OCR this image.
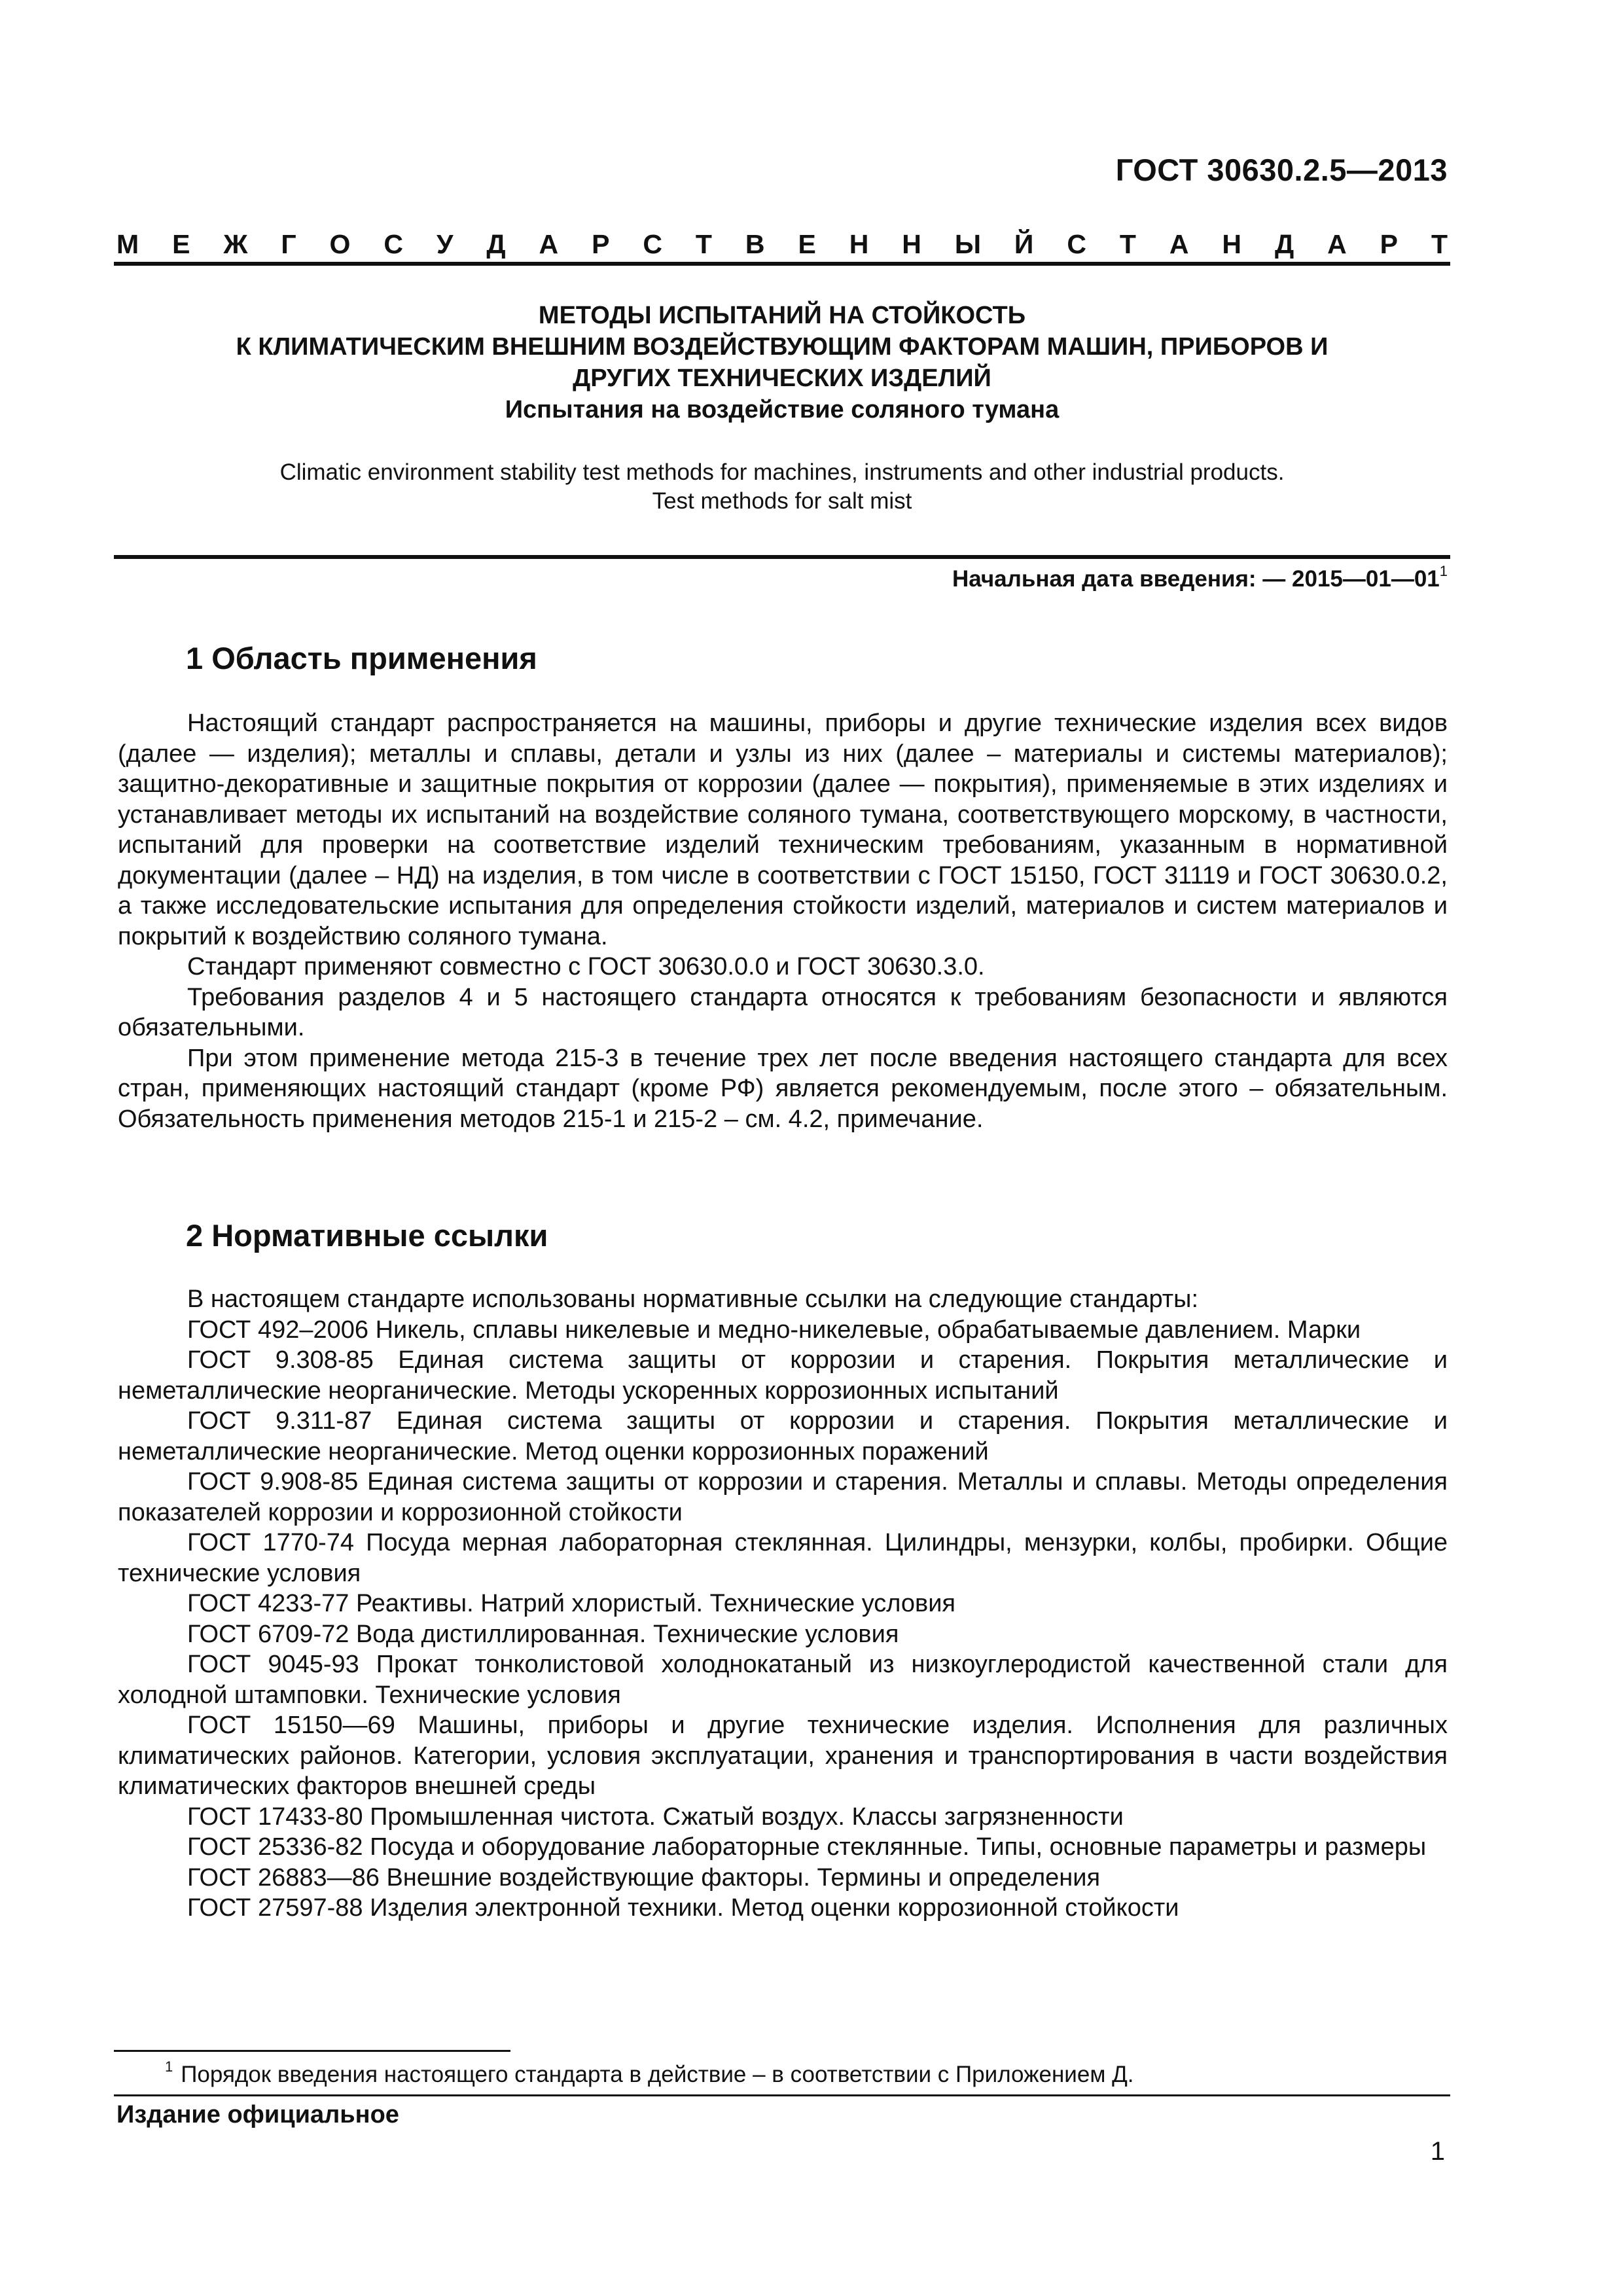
ГОСТ 30630.2.5—2013
М Е Ж Г О С У Д А Р С Т В Е Н Н Ы Й С Т А Н Д А Р Т
МЕТОДЫ ИСПЫТАНИЙ НА СТОЙКОСТЬ
К КЛИМАТИЧЕСКИМ ВНЕШНИМ ВОЗДЕЙСТВУЮЩИМ ФАКТОРАМ МАШИН, ПРИБОРОВ И
ДРУГИХ ТЕХНИЧЕСКИХ ИЗДЕЛИЙ
Испытания на воздействие соляного тумана
Climatic environment stability test methods for machines, instruments and other industrial products.
Test methods for salt mist
Начальная дата введения: — $2015—01—01^1$
1 Область применения

Настоящий стандарт распространяется на машины, приборы и другие технические изделия всех видов (далее — изделия); металлы и сплавы, детали и узлы из них (далее – материалы и системы материалов); защитно-декоративные и защитные покрытия от коррозии (далее — покрытия), применяемые в этих изделиях и устанавливает методы их испытаний на воздействие соляного тумана, соответствующего морскому, в частности, испытаний для проверки на соответствие изделий техническим требованиям, указанным в нормативной документации (далее – НД) на изделия, в том числе в соответствии с ГОСТ 15150, ГОСТ 31119 и ГОСТ 30630.0.2, а также исследовательские испытания для определения стойкости изделий, материалов и систем материалов и покрытий к воздействию соляного тумана.

Стандарт применяют совместно с ГОСТ 30630.0.0 и ГОСТ 30630.3.0.

Требования разделов 4 и 5 настоящего стандарта относятся к требованиям безопасности и являются обязательными.

При этом применение метода 215-3 в течение трех лет после введения настоящего стандарта для всех стран, применяющих настоящий стандарт (кроме РФ) является рекомендуемым, после этого – обязательным. Обязательность применения методов 215-1 и 215-2 – см. 4.2, примечание.

2 Нормативные ссылки

В настоящем стандарте использованы нормативные ссылки на следующие стандарты:

ГОСТ 492–2006 Никель, сплавы никелевые и медно-никелевые, обрабатываемые давлением. Марки

ГОСТ 9.308-85 Единая система защиты от коррозии и старения. Покрытия металлические и неметаллические неорганические. Методы ускоренных коррозионных испытаний

ГОСТ 9.311-87 Единая система защиты от коррозии и старения. Покрытия металлические и неметаллические неорганические. Метод оценки коррозионных поражений

ГОСТ 9.908-85 Единая система защиты от коррозии и старения. Металлы и сплавы. Методы определения показателей коррозии и коррозионной стойкости

ГОСТ 1770-74 Посуда мерная лабораторная стеклянная. Цилиндры, мензурки, колбы, пробирки. Общие технические условия

ГОСТ 4233-77 Реактивы. Натрий хлористый. Технические условия

ГОСТ 6709-72 Вода дистиллированная. Технические условия

ГОСТ 9045-93 Прокат тонколистовой холоднокатаный из низкоуглеродистой качественной стали для холодной штамповки. Технические условия

ГОСТ 15150—69 Машины, приборы и другие технические изделия. Исполнения для различных климатических районов. Категории, условия эксплуатации, хранения и транспортирования в части воздействия климатических факторов внешней среды

ГОСТ 17433-80 Промышленная чистота. Сжатый воздух. Классы загрязненности

ГОСТ 25336-82 Посуда и оборудование лабораторные стеклянные. Типы, основные параметры и размеры

ГОСТ 26883—86 Внешние воздействующие факторы. Термины и определения

ГОСТ 27597-88 Изделия электронной техники. Метод оценки коррозионной стойкости

$^1$ Порядок введения настоящего стандарта в действие – в соответствии с Приложением Д.
Издание официальное
1
